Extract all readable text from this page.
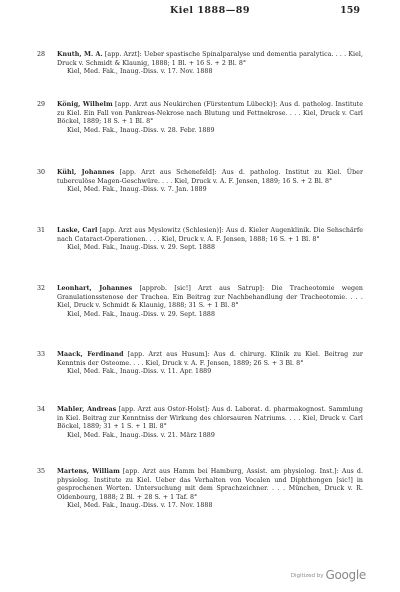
Kiel 1888—89	159
28	Knuth, M. A. [app. Arzt]: Ueber spastische Spinalparalyse und dementia paralytica. . . . Kiel, Druck v. Schmidt & Klaunig, 1888; 1 Bl. + 16 S. + 2 Bl. 8°
Kiel, Med. Fak., Inaug.-Diss. v. 17. Nov. 1888
29	König, Wilhelm [app. Arzt aus Neukirchen (Fürstentum Lübeck)]: Aus d. patholog. Institute zu Kiel. Ein Fall von Pankreas-Nekrose nach Blutung und Fettnekrose. . . . Kiel, Druck v. Carl Böckel, 1889; 18 S. + 1 Bl. 8°
Kiel, Med. Fak., Inaug.-Diss. v. 28. Febr. 1889
30	Kühl, Johannes [app. Arzt aus Schenefeld]: Aus d. patholog. Institut zu Kiel. Über tuberculöse Magen-Geschwüre. . . . Kiel, Druck v. A. F. Jensen, 1889; 16 S. + 2 Bl. 8°
Kiel, Med. Fak., Inaug.-Diss. v. 7. Jan. 1889
31	Laske, Carl [app. Arzt aus Myslowitz (Schlesien)]: Aus d. Kieler Augenklinik. Die Sehschärfe nach Cataract-Operationen. . . . Kiel, Druck v. A. F. Jensen, 1888; 16 S. + 1 Bl. 8°
Kiel, Med. Fak., Inaug.-Diss. v. 29. Sept. 1888
32	Leonhart, Johannes [approb. [sic!] Arzt aus Satrup]: Die Tracheotomie wegen Granulationsstenose der Trachea. Ein Beitrag zur Nachbehandlung der Tracheotomie. . . . Kiel, Druck v. Schmidt & Klaunig, 1888; 31 S. + 1 Bl. 8°
Kiel, Med. Fak., Inaug.-Diss. v. 29. Sept. 1888
33	Maack, Ferdinand [app. Arzt aus Husum]: Aus d. chirurg. Klinik zu Kiel. Beitrag zur Kenntnis der Osteome. . . . Kiel, Druck v. A. F. Jensen, 1889; 26 S. + 3 Bl. 8°
Kiel, Med. Fak., Inaug.-Diss. v. 11. Apr. 1889
34	Mahler, Andreas [app. Arzt aus Ostor-Holst]: Aus d. Laborat. d. pharmakognost. Sammlung in Kiel. Beitrag zur Kenntniss der Wirkung des chlorsauren Natriums. . . . Kiel, Druck v. Carl Böckel, 1889; 31 + 1 S. + 1 Bl. 8°
Kiel, Med. Fak., Inaug.-Diss. v. 21. März 1889
35	Martens, William [app. Arzt aus Hamm bei Hamburg, Assist. am physiolog. Inst.]: Aus d. physiolog. Institute zu Kiel. Ueber das Verhalten von Vocalen und Diphthongen [sic!] in gesprochenen Worten. Untersuchung mit dem Sprachzeichner. . . . München, Druck v. R. Oldenbourg, 1888; 2 Bl. + 28 S. + 1 Taf. 8°
Kiel, Med. Fak., Inaug.-Diss. v. 17. Nov. 1888
Digitized by Google
